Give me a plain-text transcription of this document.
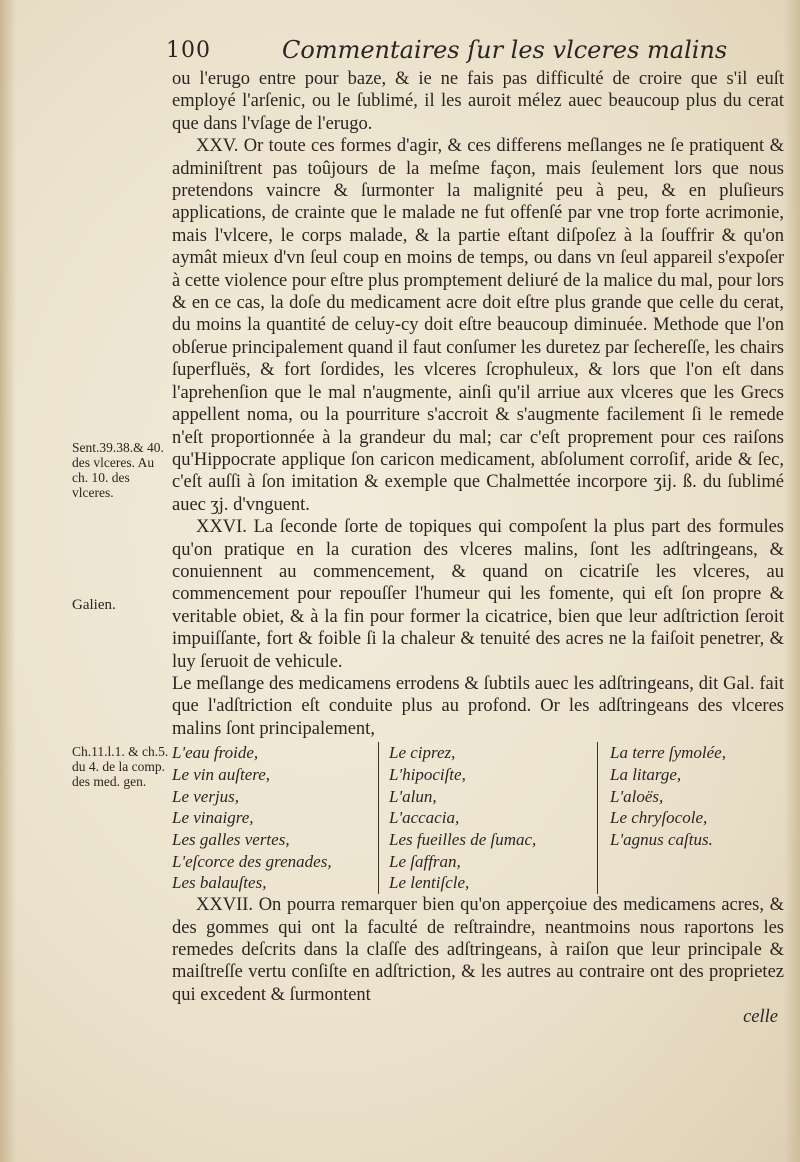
100	Commentaires ſur les vlceres malins
Sent.39.38.& 40. des vlceres. Au ch. 10. des vlceres.
Galien.
Ch.11.l.1. & ch.5. du 4. de la comp. des med. gen.

ou l'erugo entre pour baze, & ie ne fais pas difficulté de croire que s'il euſt employé l'arſenic, ou le ſublimé, il les auroit mélez auec beaucoup plus du cerat que dans l'vſage de l'erugo.

XXV. Or toute ces formes d'agir, & ces differens meſlanges ne ſe pratiquent & adminiſtrent pas toûjours de la meſme façon, mais ſeulement lors que nous pretendons vaincre & ſurmonter la malignité peu à peu, & en pluſieurs applications, de crainte que le malade ne fut offenſé par vne trop forte acrimonie, mais l'vlcere, le corps malade, & la partie eſtant diſpoſez à la ſouffrir & qu'on aymât mieux d'vn ſeul coup en moins de temps, ou dans vn ſeul appareil s'expoſer à cette violence pour eſtre plus promptement deliuré de la malice du mal, pour lors & en ce cas, la doſe du medicament acre doit eſtre plus grande que celle du cerat, du moins la quantité de celuy-cy doit eſtre beaucoup diminuée. Methode que l'on obſerue principalement quand il faut conſumer les duretez par ſechereſſe, les chairs ſuperfluës, & fort ſordides, les vlceres ſcrophuleux, & lors que l'on eſt dans l'aprehenſion que le mal n'augmente, ainſi qu'il arriue aux vlceres que les Grecs appellent noma, ou la pourriture s'accroit & s'augmente facilement ſi le remede n'eſt proportionnée à la grandeur du mal; car c'eſt proprement pour ces raiſons qu'Hippocrate applique ſon caricon medicament, abſolument corroſif, aride & ſec, c'eſt auſſi à ſon imitation & exemple que Chalmettée incorpore ʒij. ß. du ſublimé auec ʒj. d'vnguent.

XXVI. La ſeconde ſorte de topiques qui compoſent la plus part des formules qu'on pratique en la curation des vlceres malins, ſont les adſtringeans, & conuiennent au commencement, & quand on cicatriſe les vlceres, au commencement pour repouſſer l'humeur qui les fomente, qui eſt ſon propre & veritable obiet, & à la fin pour former la cicatrice, bien que leur adſtriction ſeroit impuiſſante, fort & foible ſi la chaleur & tenuité des acres ne la faiſoit penetrer, & luy ſeruoit de vehicule.

Le meſlange des medicamens errodens & ſubtils auec les adſtringeans, dit Gal. fait que l'adſtriction eſt conduite plus au profond. Or les adſtringeans des vlceres malins ſont principalement,

L'eau froide,
Le vin auſtere,
Le verjus,
Le vinaigre,
Les galles vertes,
L'eſcorce des grenades,
Les balauſtes,
Le ciprez,
L'hipociſte,
L'alun,
L'accacia,
Les fueilles de ſumac,
Le ſaffran,
Le lentiſcle,
La terre ſymolée,
La litarge,
L'aloës,
Le chryſocole,
L'agnus caſtus.

XXVII. On pourra remarquer bien qu'on apperçoiue des medicamens acres, & des gommes qui ont la faculté de reſtraindre, neantmoins nous raportons les remedes deſcrits dans la claſſe des adſtringeans, à raiſon que leur principale & maiſtreſſe vertu conſiſte en adſtriction, & les autres au contraire ont des proprietez qui excedent & ſurmontent

celle
